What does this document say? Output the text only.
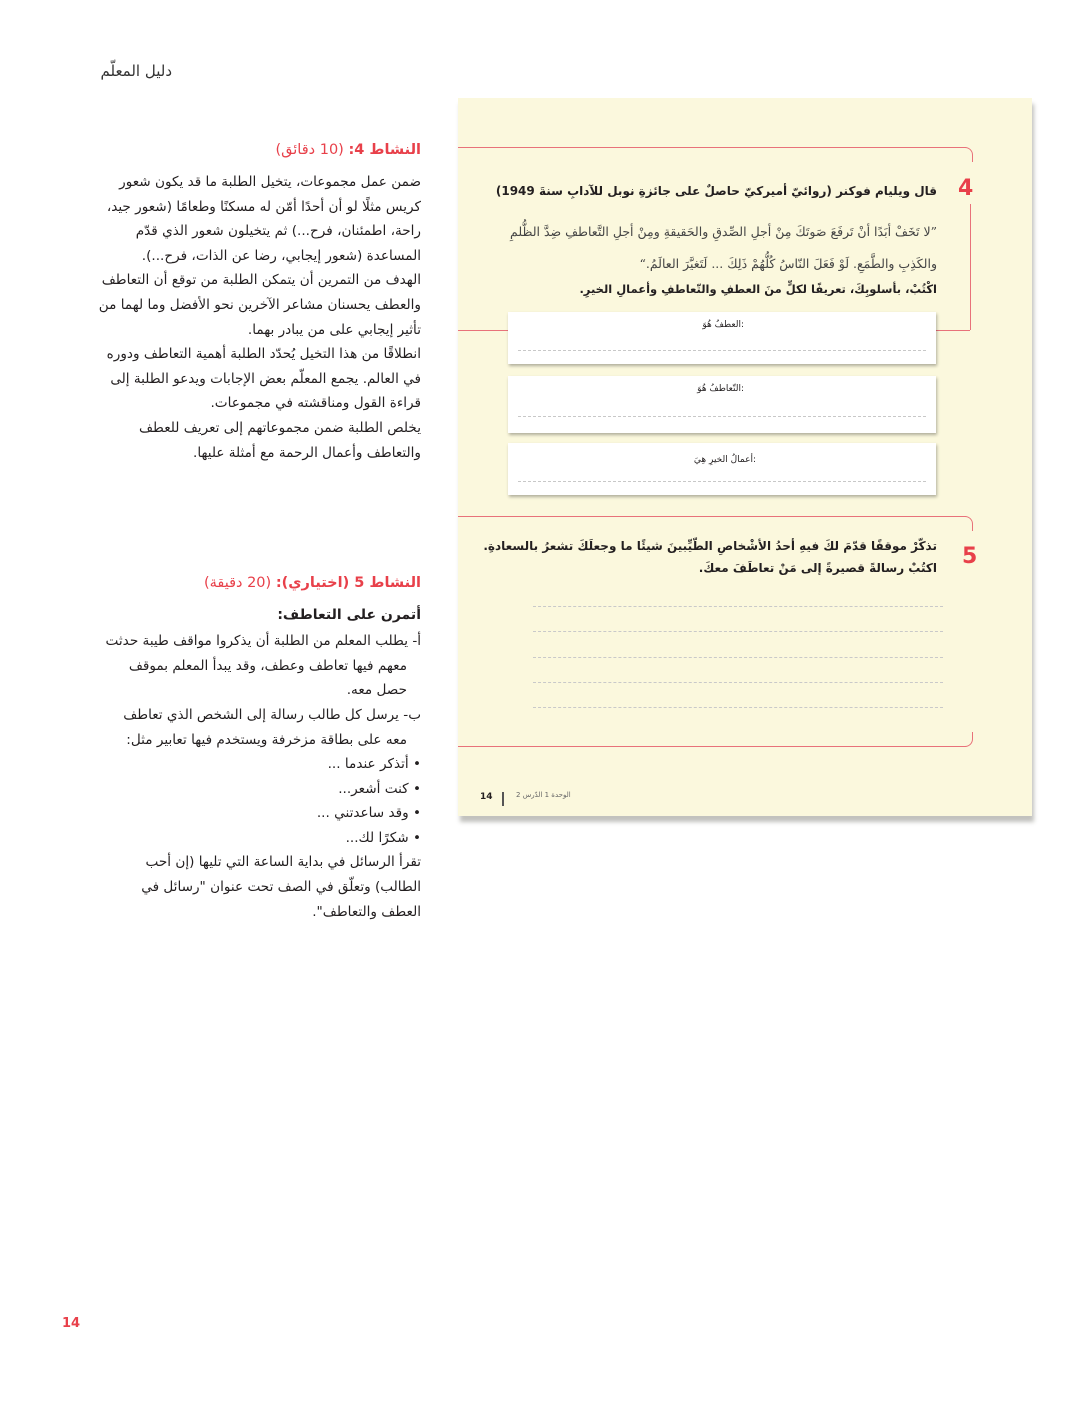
دليل المعلّم
النشاط 4: (10 دقائق)

ضمن عمل مجموعات، يتخيل الطلبة ما قد يكون شعور كريس مثلًا لو أن أحدًا أمّن له مسكنًا وطعامًا (شعور جيد، راحة، اطمئنان، فرح...) ثم يتخيلون شعور الذي قدّم المساعدة (شعور إيجابي، رضا عن الذات، فرح...).

الهدف من التمرين أن يتمكن الطلبة من توقع أن التعاطف والعطف يحسنان مشاعر الآخرين نحو الأفضل وما لهما من تأثير إيجابي على من يبادر بهما.

انطلاقًا من هذا التخيل يُحدّد الطلبة أهمية التعاطف ودوره في العالم. يجمع المعلّم بعض الإجابات ويدعو الطلبة إلى قراءة القول ومناقشته في مجموعات.

يخلص الطلبة ضمن مجموعاتهم إلى تعريف للعطف والتعاطف وأعمال الرحمة مع أمثلة عليها.

النشاط 5 (اختياري): (20 دقيقة)

أتمرن على التعاطف:

أ- يطلب المعلم من الطلبة أن يذكروا مواقف طيبة حدثت معهم فيها تعاطف وعطف، وقد يبدأ المعلم بموقف حصل معه.

ب- يرسل كل طالب رسالة إلى الشخص الذي تعاطف معه على بطاقة مزخرفة ويستخدم فيها تعابير مثل:

• أتذكر عندما ...

• كنت أشعر...

• وقد ساعدتني ...

• شكرًا لك...

تقرأ الرسائل في بداية الساعة التي تليها (إن أحب الطالب) وتعلّق في الصف تحت عنوان "رسائل في العطف والتعاطف".

4
قال ويليام فوكنر (روائيّ أميركيّ حاصلٌ على جائزةِ نوبل للآدابِ سنةَ 1949)
”لا تَخَفْ أبَدًا أنْ تَرفَعَ صَوتَكَ مِنْ أجلِ الصِّدقِ والحَقيقةِ ومِنْ أجلِ التَّعاطفِ ضِدَّ الظُّلمِ
والكَذِبِ والطَّمَعِ. لَوْ فَعَلَ النّاسُ كُلُّهُمْ ذَلِكَ ... لَتَغيَّرَ العالَمُ.“
اكْتُبْ، بأسلوبِكَ، تعريفًا لكلٍّ منَ العطفِ والتّعاطفِ وأعمالِ الخيرِ.
العطفُ هُوَ:
التّعاطفُ هُوَ:
أعمالُ الخيرِ هِيَ:
5
تذكّرْ موقفًا قدّمَ لكَ فيهِ أحدُ الأشْخاصِ الطّيِّبينَ شيئًا ما وجعلَكَ تشعرُ بالسعادةِ.
اكتُبْ رسالةً قصيرةً إلى مَنْ تعاطَفَ معكَ.
14	الوحدة 1 الدّرس 2
14
